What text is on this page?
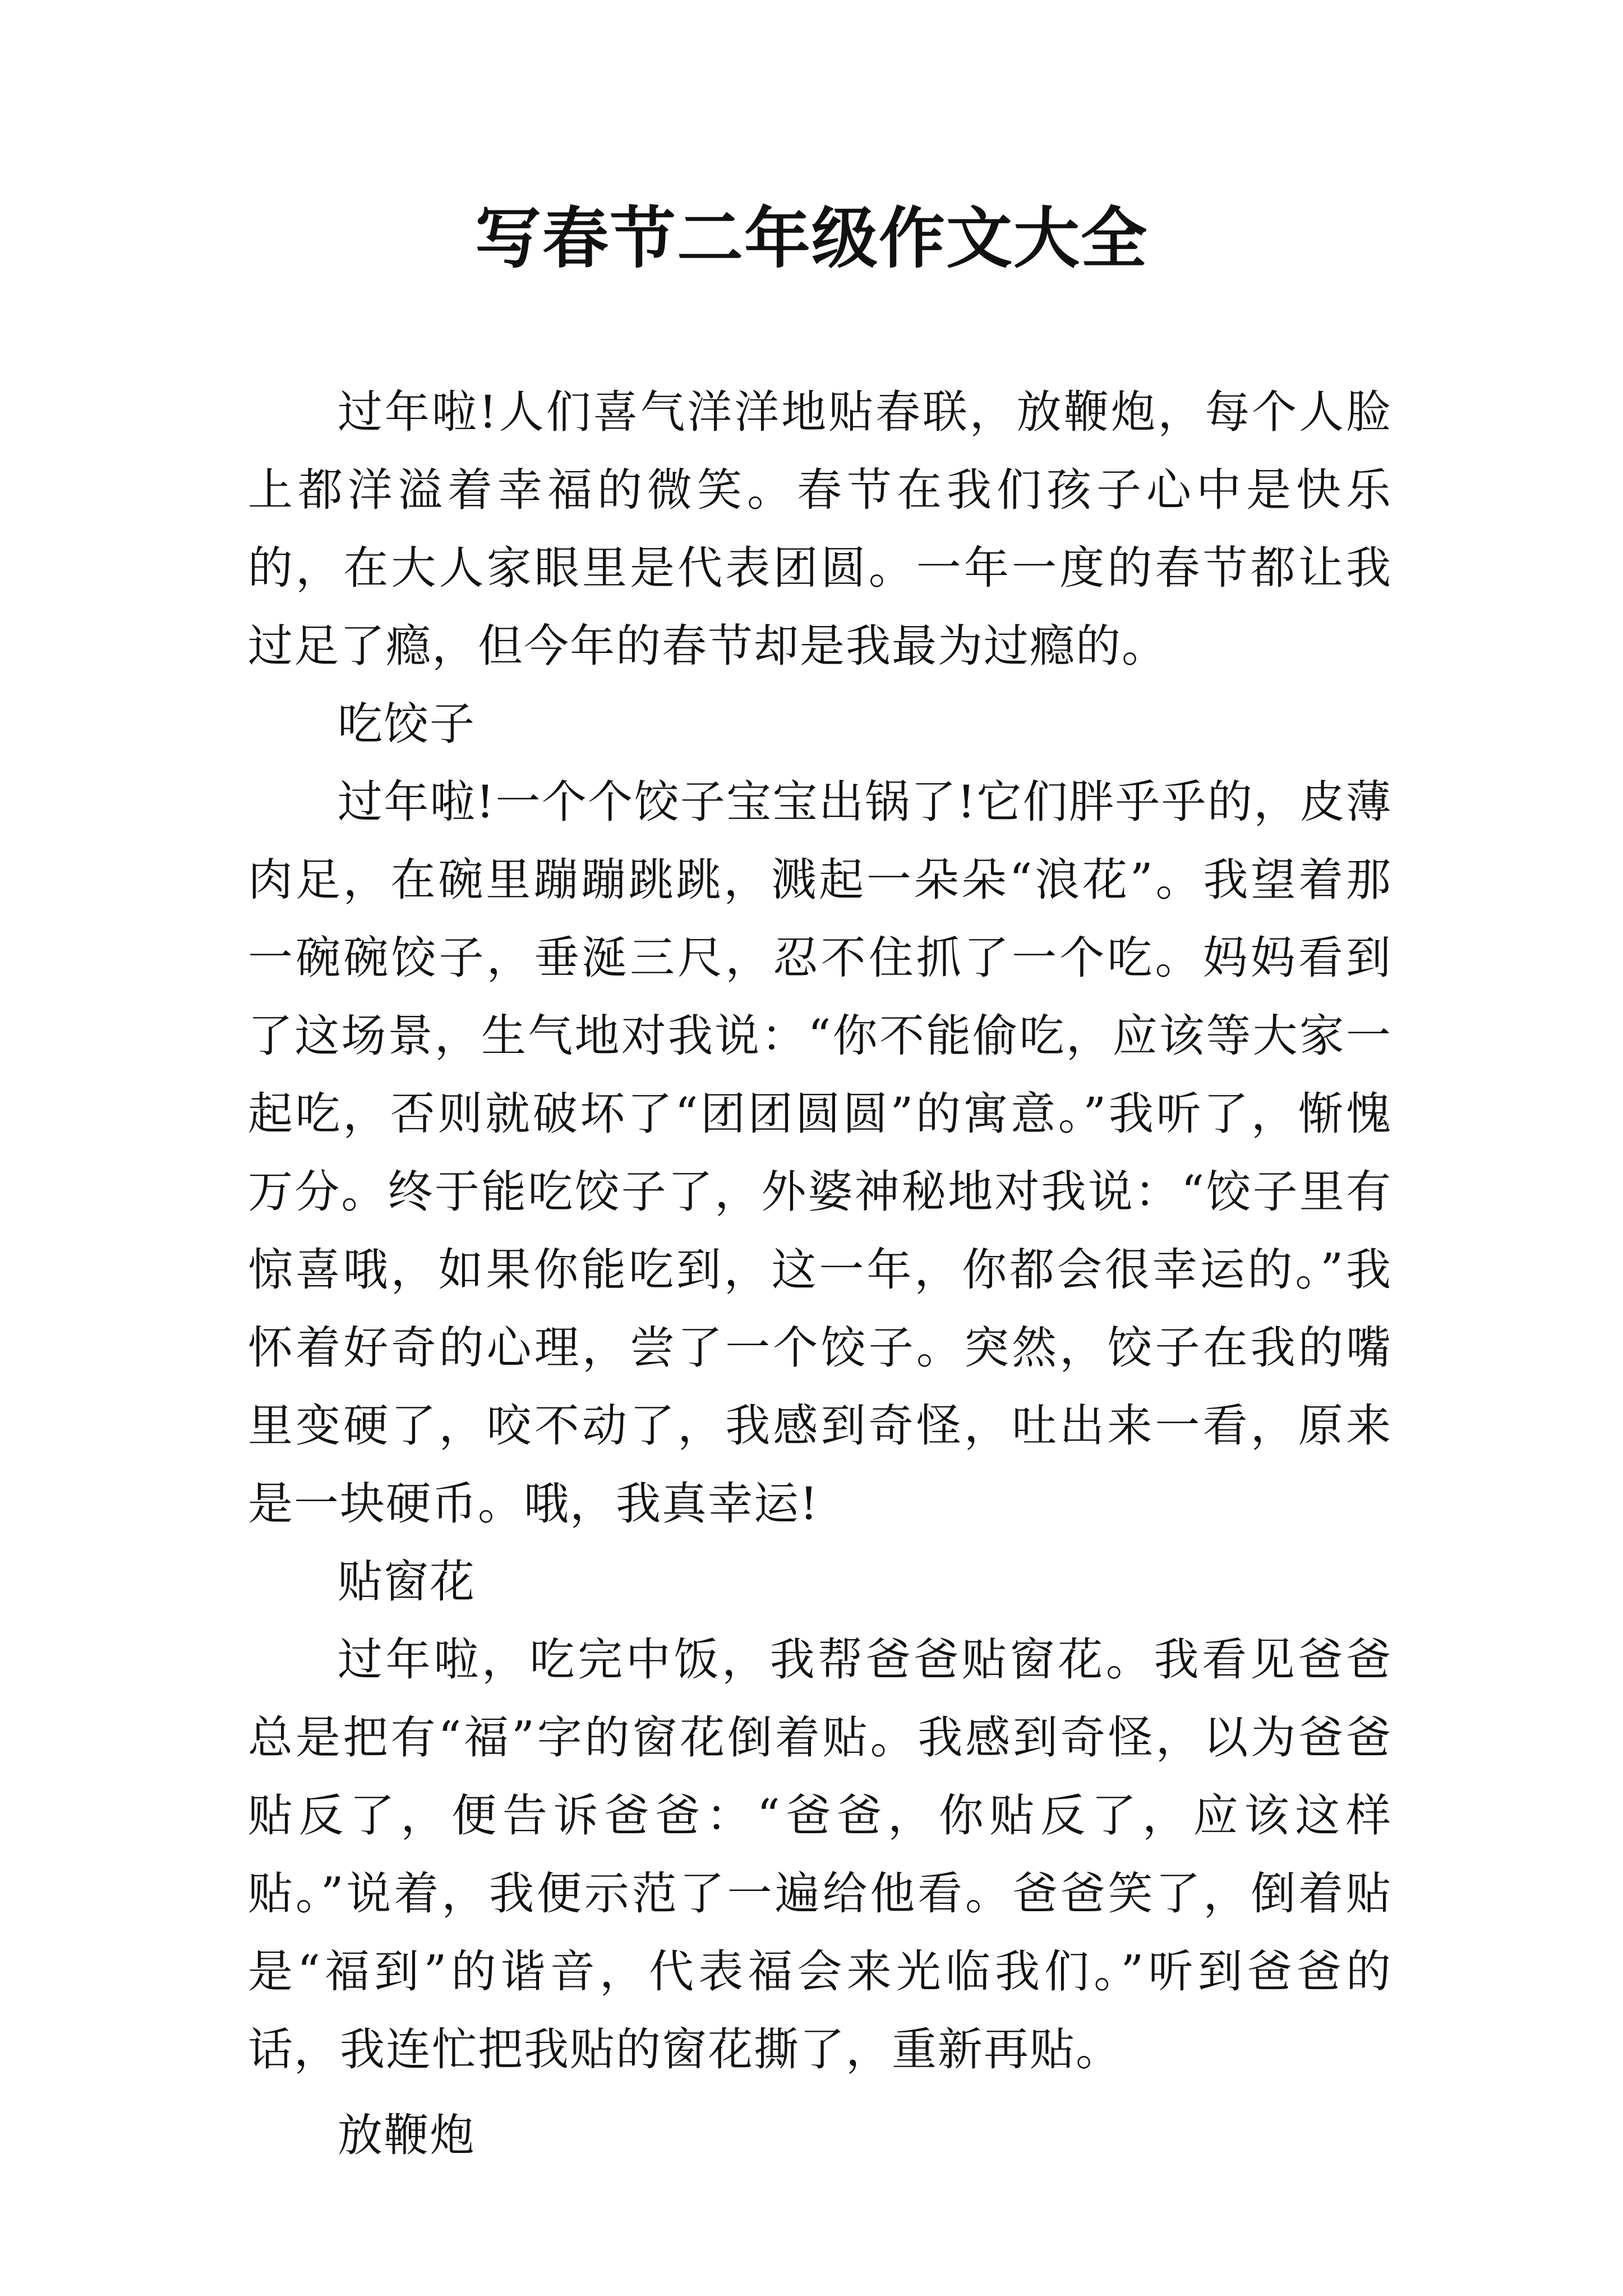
写春节二年级作文大全

过年啦!人们喜气洋洋地贴春联，放鞭炮，每个人脸上都洋溢着幸福的微笑。春节在我们孩子心中是快乐的，在大人家眼里是代表团圆。一年一度的春节都让我过足了瘾，但今年的春节却是我最为过瘾的。

吃饺子

过年啦!一个个饺子宝宝出锅了!它们胖乎乎的，皮薄肉足，在碗里蹦蹦跳跳，溅起一朵朵“浪花”。我望着那一碗碗饺子，垂涎三尺，忍不住抓了一个吃。妈妈看到了这场景，生气地对我说：“你不能偷吃，应该等大家一起吃，否则就破坏了“团团圆圆”的寓意。”我听了，惭愧万分。终于能吃饺子了，外婆神秘地对我说：“饺子里有惊喜哦，如果你能吃到，这一年，你都会很幸运的。”我怀着好奇的心理，尝了一个饺子。突然，饺子在我的嘴里变硬了，咬不动了，我感到奇怪，吐出来一看，原来是一块硬币。哦，我真幸运!

贴窗花

过年啦，吃完中饭，我帮爸爸贴窗花。我看见爸爸总是把有“福”字的窗花倒着贴。我感到奇怪，以为爸爸贴反了，便告诉爸爸：“爸爸，你贴反了，应该这样贴。”说着，我便示范了一遍给他看。爸爸笑了，倒着贴是“福到”的谐音，代表福会来光临我们。”听到爸爸的话，我连忙把我贴的窗花撕了，重新再贴。

放鞭炮
